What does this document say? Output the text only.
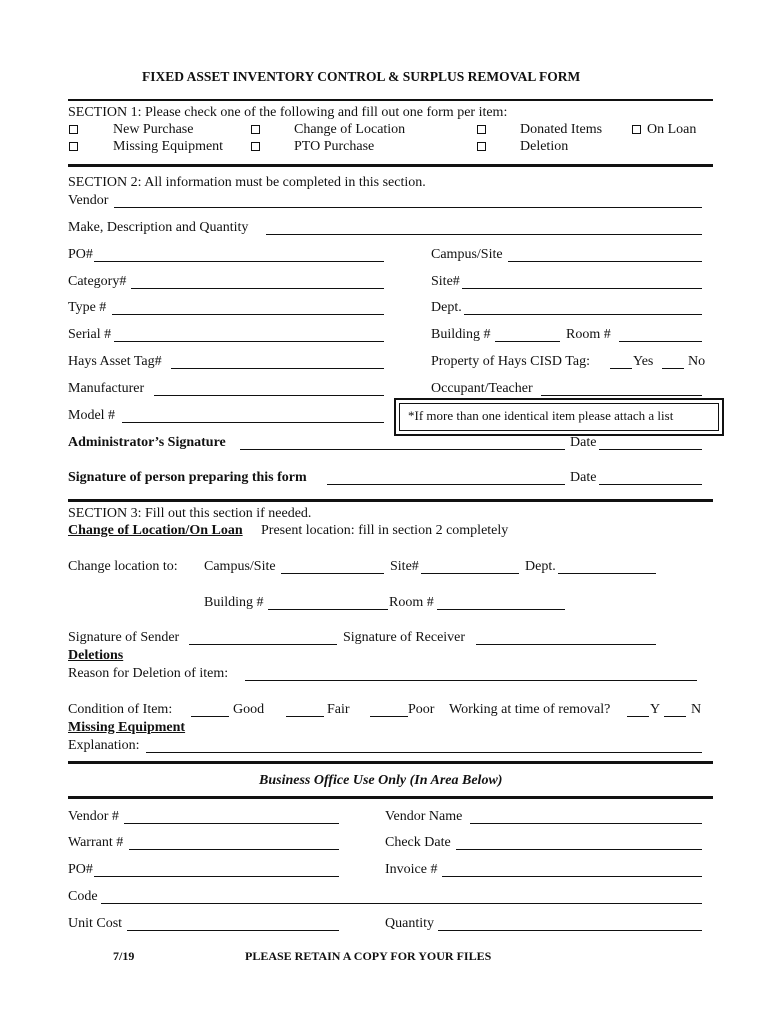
FIXED ASSET INVENTORY CONTROL & SURPLUS REMOVAL FORM
SECTION 1: Please check one of the following and fill out one form per item:
New Purchase	Change of Location	Donated Items	On Loan
Missing Equipment	PTO Purchase	Deletion
SECTION 2: All information must be completed in this section.
Vendor
Make, Description and Quantity
PO#	Campus/Site
Category#	Site#
Type #	Dept.
Serial #	Building #	Room #
Hays Asset Tag#	Property of Hays CISD Tag:	Yes No
Manufacturer	Occupant/Teacher
Model #	*If more than one identical item please attach a list
Administrator’s Signature	Date
Signature of person preparing this form	Date
SECTION 3: Fill out this section if needed.
Change of Location/On Loan Present location: fill in section 2 completely
Change location to: Campus/Site	Site#	Dept.
Building #	Room #
Signature of Sender	Signature of Receiver
Deletions
Reason for Deletion of item:
Condition of Item:	Good	Fair	Poor Working at time of removal?	Y N
Missing Equipment
Explanation:
Business Office Use Only (In Area Below)
Vendor #	Vendor Name
Warrant #	Check Date
PO#	Invoice #
Code
Unit Cost	Quantity
7/19	PLEASE RETAIN A COPY FOR YOUR FILES
